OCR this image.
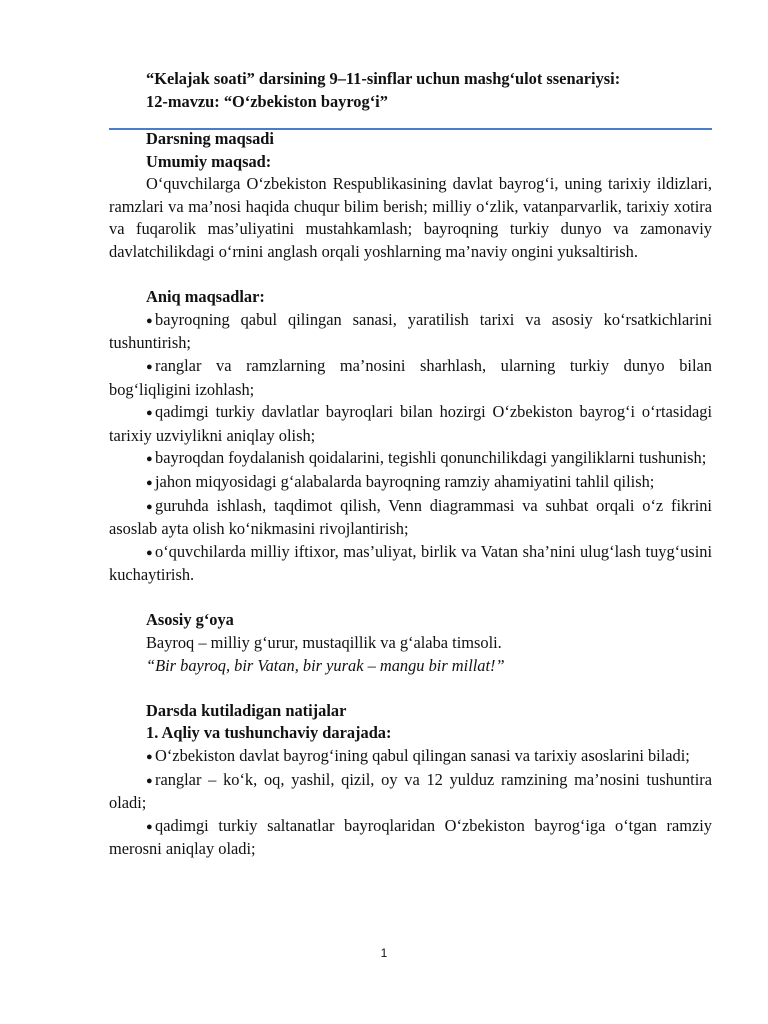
“Kelajak soati” darsining 9–11-sinflar uchun mashg‘ulot ssenariysi:
12-mavzu: “O‘zbekiston bayrog‘i”
Darsning maqsadi
Umumiy maqsad:
O‘quvchilarga O‘zbekiston Respublikasining davlat bayrog‘i, uning tarixiy ildizlari, ramzlari va ma’nosi haqida chuqur bilim berish; milliy o‘zlik, vatanparvarlik, tarixiy xotira va fuqarolik mas’uliyatini mustahkamlash; bayroqning turkiy dunyo va zamonaviy davlatchilikdagi o‘rnini anglash orqali yoshlarning ma’naviy ongini yuksaltirish.
Aniq maqsadlar:
● bayroqning qabul qilingan sanasi, yaratilish tarixi va asosiy ko‘rsatkichlarini tushuntirish;
● ranglar va ramzlarning ma’nosini sharhlash, ularning turkiy dunyo bilan bog‘liqligini izohlash;
● qadimgi turkiy davlatlar bayroqlari bilan hozirgi O‘zbekiston bayrog‘i o‘rtasidagi tarixiy uzviylikni aniqlay olish;
● bayroqdan foydalanish qoidalarini, tegishli qonunchilikdagi yangiliklarni tushunish;
● jahon miqyosidagi g‘alabalarda bayroqning ramziy ahamiyatini tahlil qilish;
● guruhda ishlash, taqdimot qilish, Venn diagrammasi va suhbat orqali o‘z fikrini asoslab ayta olish ko‘nikmasini rivojlantirish;
● o‘quvchilarda milliy iftixor, mas’uliyat, birlik va Vatan sha’nini ulug‘lash tuyg‘usini kuchaytirish.
Asosiy g‘oya
Bayroq – milliy g‘urur, mustaqillik va g‘alaba timsoli.
“Bir bayroq, bir Vatan, bir yurak – mangu bir millat!”
Darsda kutiladigan natijalar
1. Aqliy va tushunchaviy darajada:
● O‘zbekiston davlat bayrog‘ining qabul qilingan sanasi va tarixiy asoslarini biladi;
● ranglar – ko‘k, oq, yashil, qizil, oy va 12 yulduz ramzining ma’nosini tushuntira oladi;
● qadimgi turkiy saltanatlar bayroqlaridan O‘zbekiston bayrog‘iga o‘tgan ramziy merosni aniqlay oladi;
1
